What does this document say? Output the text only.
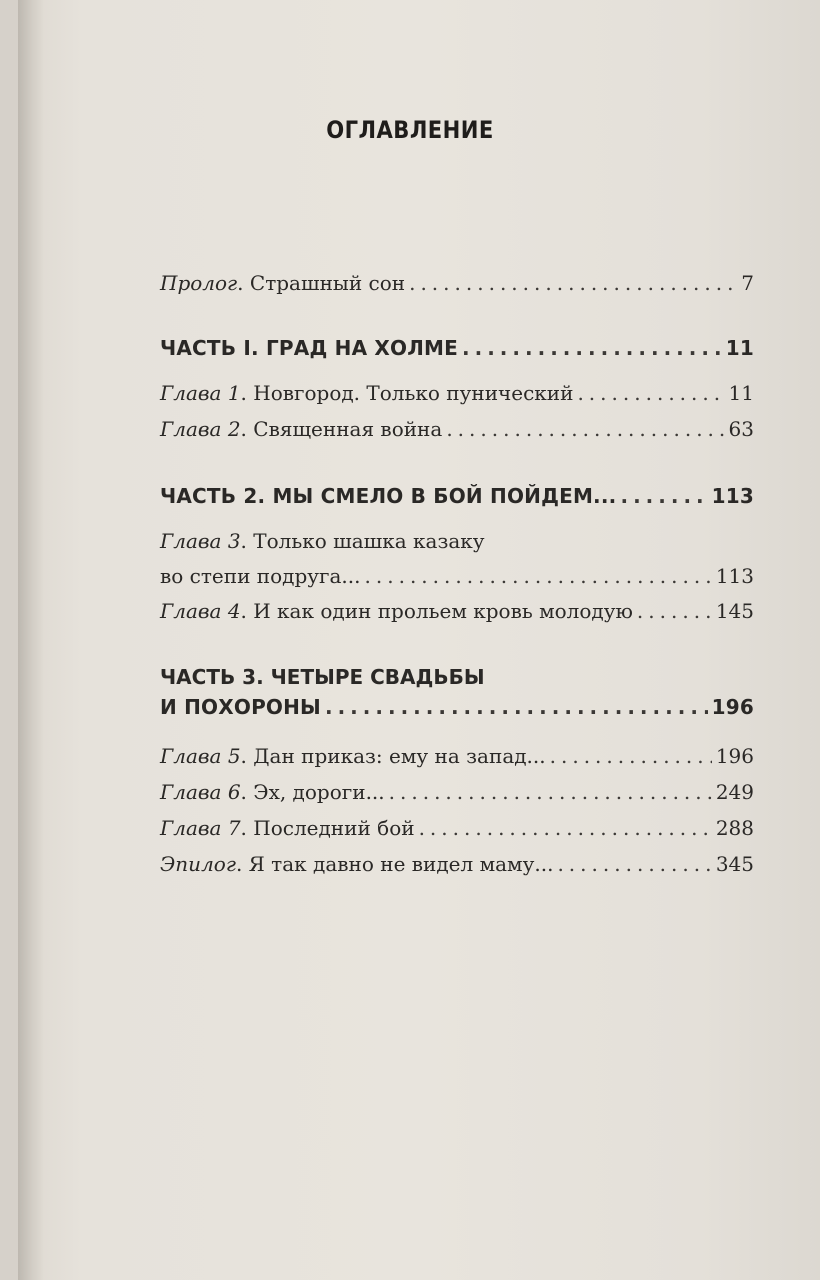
ОГЛАВЛЕНИЕ
Пролог. Страшный сон .....	7
ЧАСТЬ I. ГРАД НА ХОЛМЕ .....	11
Глава 1. Новгород. Только пунический .....	11
Глава 2. Священная война .....	63
ЧАСТЬ 2. МЫ СМЕЛО В БОЙ ПОЙДЕМ... .....	113
Глава 3. Только шашка казаку
во степи подруга... .....	113
Глава 4. И как один прольем кровь молодую .....	145
ЧАСТЬ 3. ЧЕТЫРЕ СВАДЬБЫ
И ПОХОРОНЫ .....	196
Глава 5. Дан приказ: ему на запад... .....	196
Глава 6. Эх, дороги... .....	249
Глава 7. Последний бой .....	288
Эпилог. Я так давно не видел маму... .....	345
